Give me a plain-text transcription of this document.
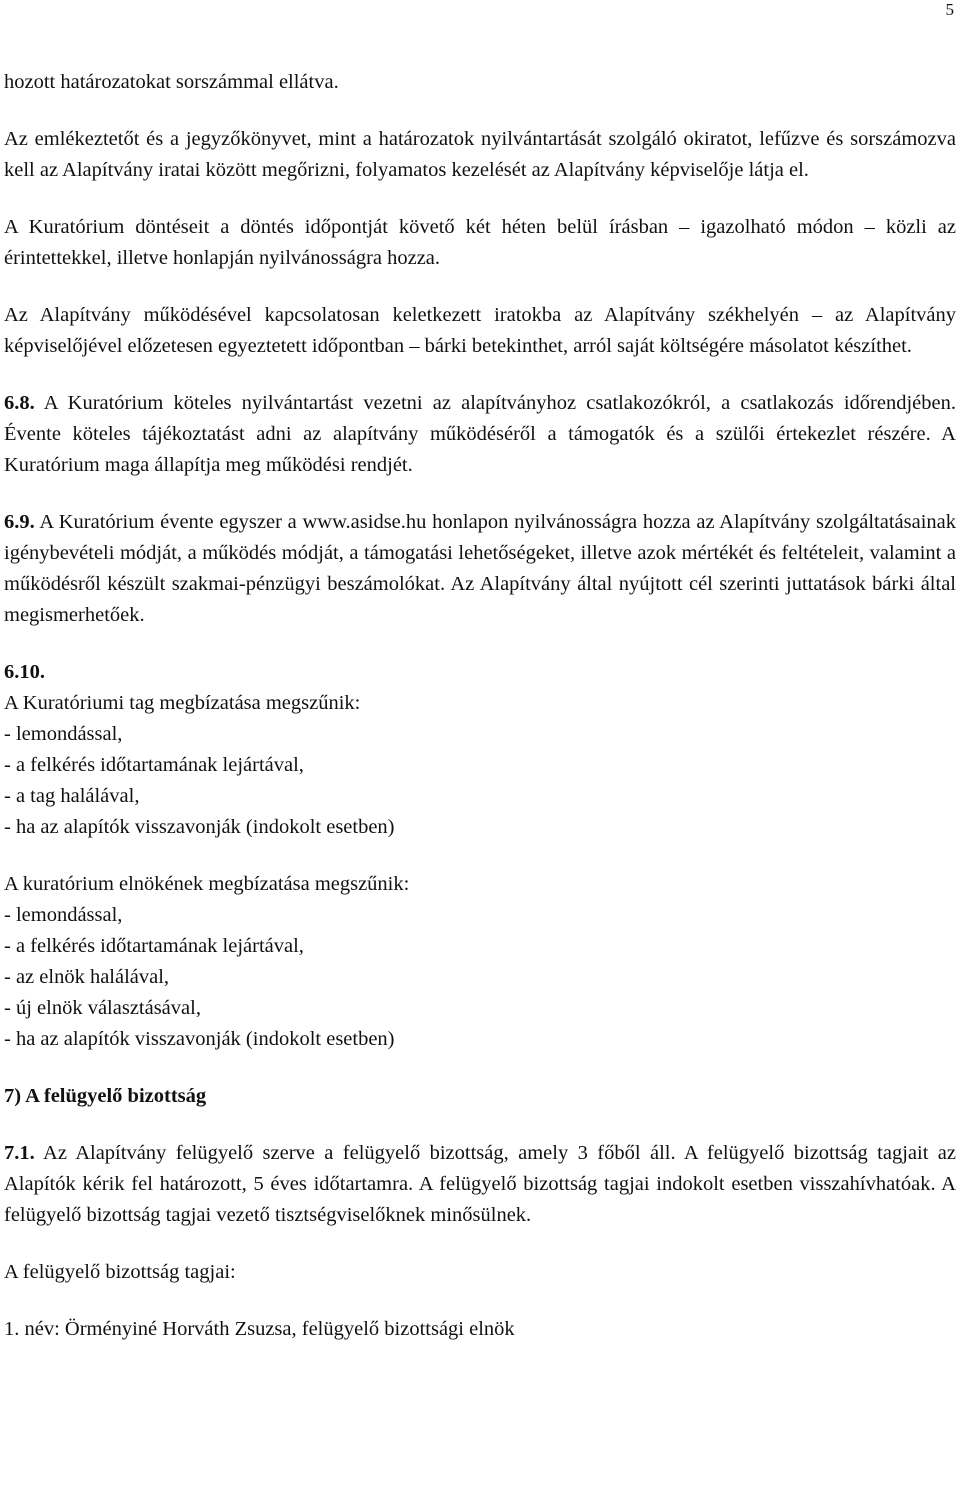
5

hozott határozatokat sorszámmal ellátva.

Az emlékeztetőt és a jegyzőkönyvet, mint a határozatok nyilvántartását szolgáló okiratot, lefűzve és sorszámozva kell az Alapítvány iratai között megőrizni, folyamatos kezelését az Alapítvány képviselője látja el.

A Kuratórium döntéseit a döntés időpontját követő két héten belül írásban – igazolható módon – közli az érintettekkel, illetve honlapján nyilvánosságra hozza.

Az Alapítvány működésével kapcsolatosan keletkezett iratokba az Alapítvány székhelyén – az Alapítvány képviselőjével előzetesen egyeztetett időpontban – bárki betekinthet, arról saját költségére másolatot készíthet.

6.8. A Kuratórium köteles nyilvántartást vezetni az alapítványhoz csatlakozókról, a csatlakozás időrendjében. Évente köteles tájékoztatást adni az alapítvány működéséről a támogatók és a szülői értekezlet részére. A Kuratórium maga állapítja meg működési rendjét.

6.9. A Kuratórium évente egyszer a www.asidse.hu honlapon nyilvánosságra hozza az Alapítvány szolgáltatásainak igénybevételi módját, a működés módját, a támogatási lehetőségeket, illetve azok mértékét és feltételeit, valamint a működésről készült szakmai-pénzügyi beszámolókat. Az Alapítvány által nyújtott cél szerinti juttatások bárki által megismerhetőek.

6.10.
A Kuratóriumi tag megbízatása megszűnik:
- lemondással,
- a felkérés időtartamának lejártával,
- a tag halálával,
- ha az alapítók visszavonják (indokolt esetben)
A kuratórium elnökének megbízatása megszűnik:
- lemondással,
- a felkérés időtartamának lejártával,
- az elnök halálával,
- új elnök választásával,
- ha az alapítók visszavonják (indokolt esetben)

7) A felügyelő bizottság

7.1. Az Alapítvány felügyelő szerve a felügyelő bizottság, amely 3 főből áll. A felügyelő bizottság tagjait az Alapítók kérik fel határozott, 5 éves időtartamra. A felügyelő bizottság tagjai indokolt esetben visszahívhatóak. A felügyelő bizottság tagjai vezető tisztségviselőknek minősülnek.

A felügyelő bizottság tagjai:

1. név: Örményiné Horváth Zsuzsa, felügyelő bizottsági elnök
